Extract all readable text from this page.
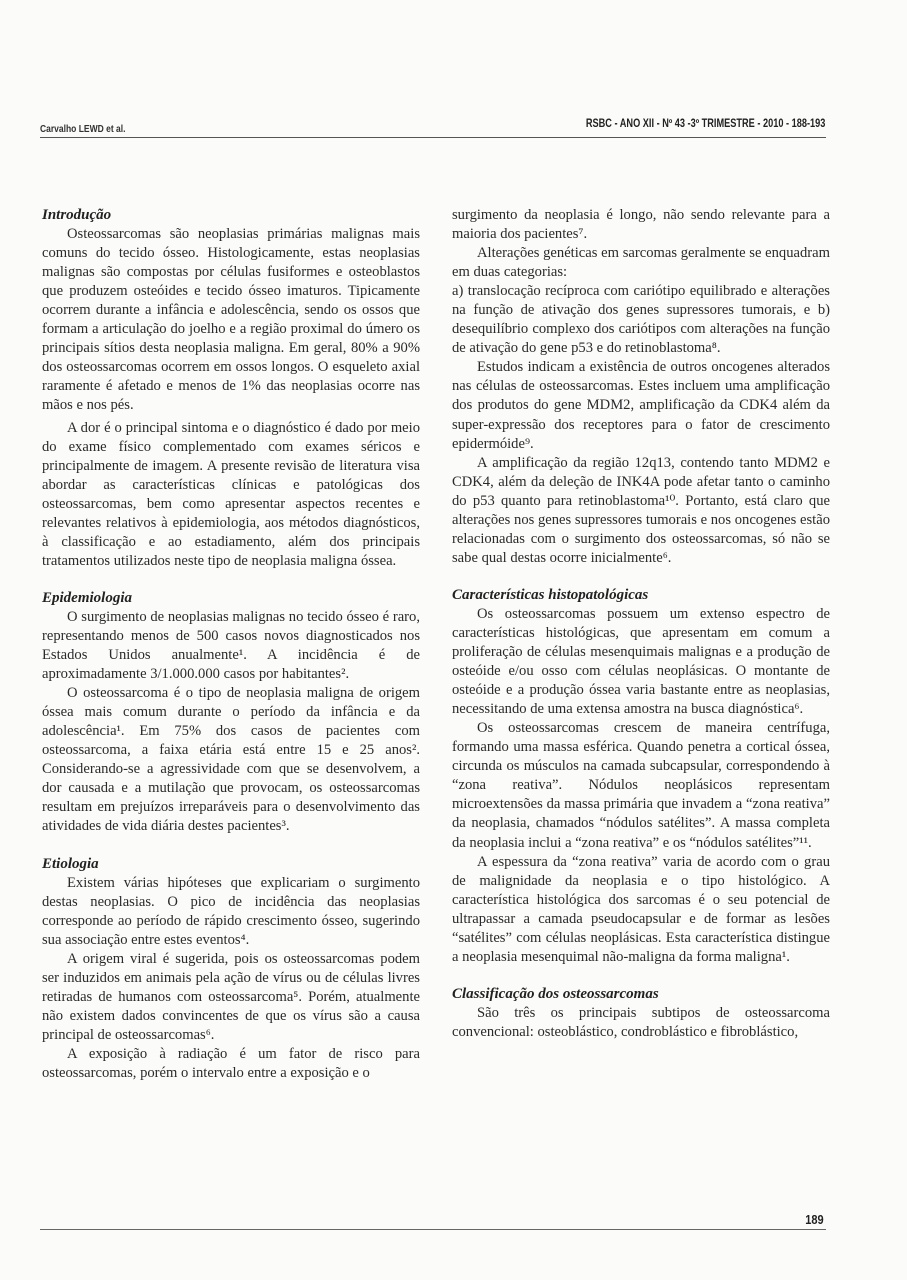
Carvalho LEWD et al.	RSBC - ANO XII - Nº 43 -3º TRIMESTRE - 2010 - 188-193
Introdução

Osteossarcomas são neoplasias primárias malignas mais comuns do tecido ósseo. Histologicamente, estas neoplasias malignas são compostas por células fusiformes e osteoblastos que produzem osteóides e tecido ósseo imaturos. Tipicamente ocorrem durante a infância e adolescência, sendo os ossos que formam a articulação do joelho e a região proximal do úmero os principais sítios desta neoplasia maligna. Em geral, 80% a 90% dos osteossarcomas ocorrem em ossos longos. O esqueleto axial raramente é afetado e menos de 1% das neoplasias ocorre nas mãos e nos pés.

A dor é o principal sintoma e o diagnóstico é dado por meio do exame físico complementado com exames séricos e principalmente de imagem. A presente revisão de literatura visa abordar as características clínicas e patológicas dos osteossarcomas, bem como apresentar aspectos recentes e relevantes relativos à epidemiologia, aos métodos diagnósticos, à classificação e ao estadiamento, além dos principais tratamentos utilizados neste tipo de neoplasia maligna óssea.

Epidemiologia

O surgimento de neoplasias malignas no tecido ósseo é raro, representando menos de 500 casos novos diagnosticados nos Estados Unidos anualmente¹. A incidência é de aproximadamente 3/1.000.000 casos por habitantes².

O osteossarcoma é o tipo de neoplasia maligna de origem óssea mais comum durante o período da infância e da adolescência¹. Em 75% dos casos de pacientes com osteossarcoma, a faixa etária está entre 15 e 25 anos². Considerando-se a agressividade com que se desenvolvem, a dor causada e a mutilação que provocam, os osteossarcomas resultam em prejuízos irreparáveis para o desenvolvimento das atividades de vida diária destes pacientes³.

Etiologia

Existem várias hipóteses que explicariam o surgimento destas neoplasias. O pico de incidência das neoplasias corresponde ao período de rápido crescimento ósseo, sugerindo sua associação entre estes eventos⁴.

A origem viral é sugerida, pois os osteossarcomas podem ser induzidos em animais pela ação de vírus ou de células livres retiradas de humanos com osteossarcoma⁵. Porém, atualmente não existem dados convincentes de que os vírus são a causa principal de osteossarcomas⁶.

A exposição à radiação é um fator de risco para osteossarcomas, porém o intervalo entre a exposição e o

surgimento da neoplasia é longo, não sendo relevante para a maioria dos pacientes⁷.

Alterações genéticas em sarcomas geralmente se enquadram em duas categorias:

a) translocação recíproca com cariótipo equilibrado e alterações na função de ativação dos genes supressores tumorais, e b) desequilíbrio complexo dos cariótipos com alterações na função de ativação do gene p53 e do retinoblastoma⁸.

Estudos indicam a existência de outros oncogenes alterados nas células de osteossarcomas. Estes incluem uma amplificação dos produtos do gene MDM2, amplificação da CDK4 além da super-expressão dos receptores para o fator de crescimento epidermóide⁹.

A amplificação da região 12q13, contendo tanto MDM2 e CDK4, além da deleção de INK4A pode afetar tanto o caminho do p53 quanto para retinoblastoma¹⁰. Portanto, está claro que alterações nos genes supressores tumorais e nos oncogenes estão relacionadas com o surgimento dos osteossarcomas, só não se sabe qual destas ocorre inicialmente⁶.

Características histopatológicas

Os osteossarcomas possuem um extenso espectro de características histológicas, que apresentam em comum a proliferação de células mesenquimais malignas e a produção de osteóide e/ou osso com células neoplásicas. O montante de osteóide e a produção óssea varia bastante entre as neoplasias, necessitando de uma extensa amostra na busca diagnóstica⁶.

Os osteossarcomas crescem de maneira centrífuga, formando uma massa esférica. Quando penetra a cortical óssea, circunda os músculos na camada subcapsular, correspondendo à “zona reativa”. Nódulos neoplásicos representam microextensões da massa primária que invadem a “zona reativa” da neoplasia, chamados “nódulos satélites”. A massa completa da neoplasia inclui a “zona reativa” e os “nódulos satélites”¹¹.

A espessura da “zona reativa” varia de acordo com o grau de malignidade da neoplasia e o tipo histológico. A característica histológica dos sarcomas é o seu potencial de ultrapassar a camada pseudocapsular e de formar as lesões “satélites” com células neoplásicas. Esta característica distingue a neoplasia mesenquimal não-maligna da forma maligna¹.

Classificação dos osteossarcomas

São três os principais subtipos de osteossarcoma convencional: osteoblástico, condroblástico e fibroblástico,

189
